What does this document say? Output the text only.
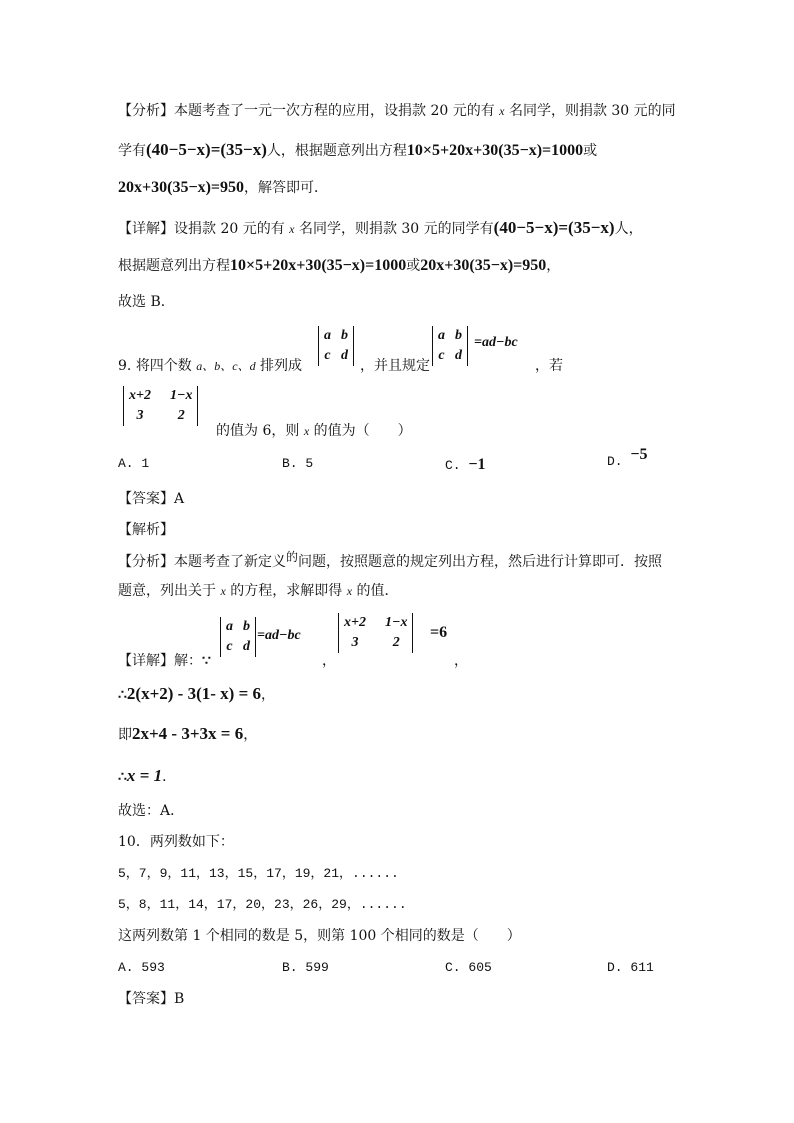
【分析】本题考查了一元一次方程的应用，设捐款 20 元的有 x 名同学，则捐款 30 元的同
学有(40−5−x)=(35−x)人，根据题意列出方程10×5+20x+30(35−x)=1000或
20x+30(35−x)=950，解答即可．
【详解】设捐款 20 元的有 x 名同学，则捐款 30 元的同学有(40−5−x)=(35−x)人，
根据题意列出方程10×5+20x+30(35−x)=1000或20x+30(35−x)=950，
故选 B．
9. 将四个数 a、b、c、d 排列成
a	b
c	d
，并且规定
a	b
c	d
=ad−bc
，若
x+2	1−x
3	2
的值为 6，则 x 的值为（　　）
A. 1	B. 5	C. −1	D. −5
【答案】A
【解析】
【分析】本题考查了新定义的问题，按照题意的规定列出方程，然后进行计算即可．按照
题意，列出关于 x 的方程，求解即得 x 的值．
【详解】解：∵
a	b
c	d
=ad−bc
，
x+2	1−x
3	2
=6
，
∴2(x+2) - 3(1- x) = 6，
即2x+4 - 3+3x = 6，
∴x = 1．
故选：A．
10．两列数如下：
5，7，9，11，13，15，17，19，21，......
5，8，11，14，17，20，23，26，29，......
这两列数第 1 个相同的数是 5，则第 100 个相同的数是（　　）
A. 593	B. 599	C. 605	D. 611
【答案】B
